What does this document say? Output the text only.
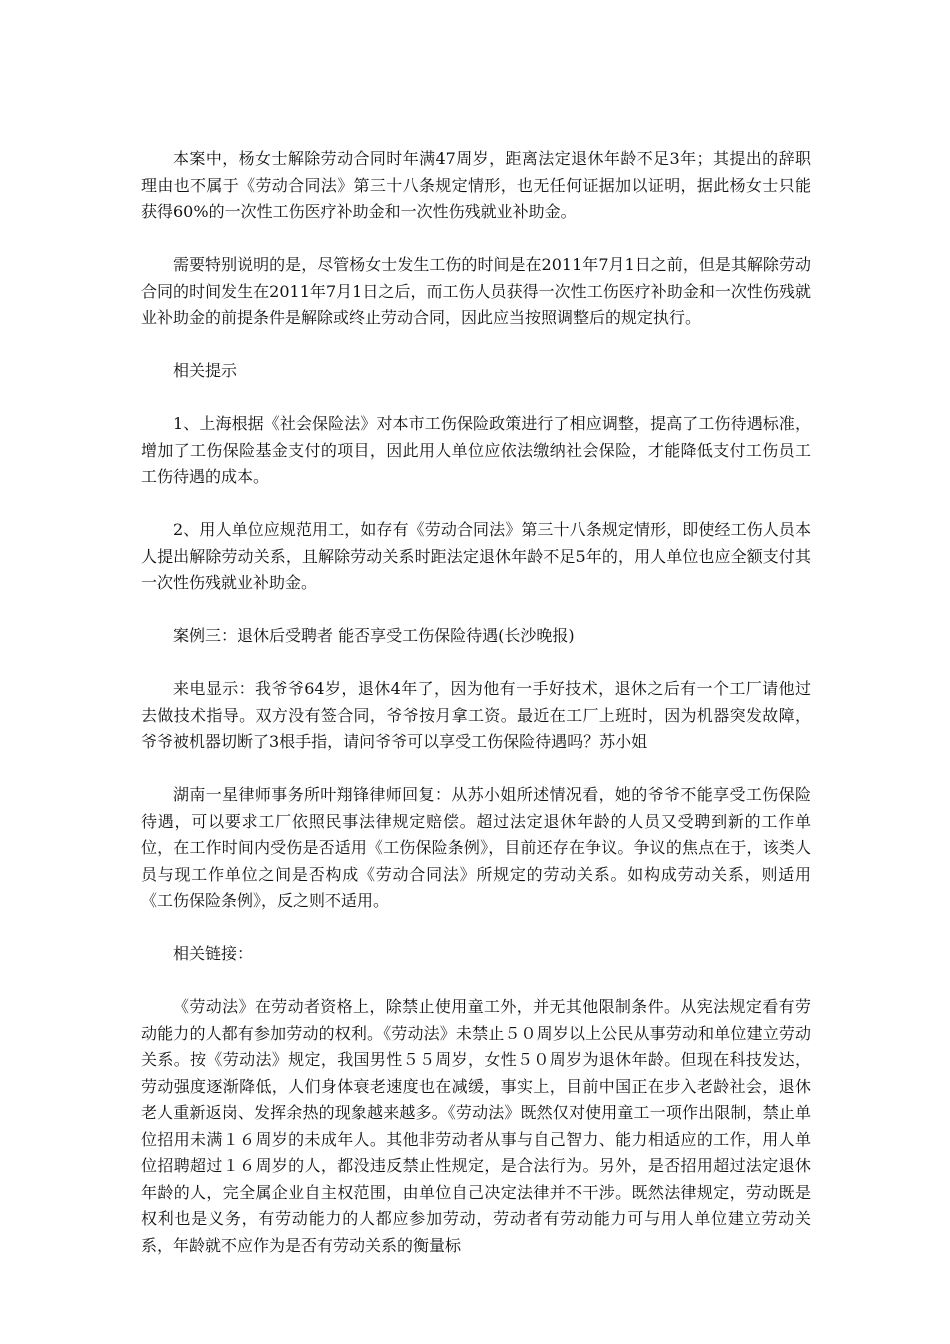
本案中，杨女士解除劳动合同时年满47周岁，距离法定退休年龄不足3年；其提出的辞职理由也不属于《劳动合同法》第三十八条规定情形，也无任何证据加以证明，据此杨女士只能获得60%的一次性工伤医疗补助金和一次性伤残就业补助金。

需要特别说明的是，尽管杨女士发生工伤的时间是在2011年7月1日之前，但是其解除劳动合同的时间发生在2011年7月1日之后，而工伤人员获得一次性工伤医疗补助金和一次性伤残就业补助金的前提条件是解除或终止劳动合同，因此应当按照调整后的规定执行。

相关提示

1、上海根据《社会保险法》对本市工伤保险政策进行了相应调整，提高了工伤待遇标准，增加了工伤保险基金支付的项目，因此用人单位应依法缴纳社会保险，才能降低支付工伤员工工伤待遇的成本。

2、用人单位应规范用工，如存有《劳动合同法》第三十八条规定情形，即使经工伤人员本人提出解除劳动关系，且解除劳动关系时距法定退休年龄不足5年的，用人单位也应全额支付其一次性伤残就业补助金。

案例三：退休后受聘者 能否享受工伤保险待遇(长沙晚报)

来电显示：我爷爷64岁，退休4年了，因为他有一手好技术，退休之后有一个工厂请他过去做技术指导。双方没有签合同，爷爷按月拿工资。最近在工厂上班时，因为机器突发故障，爷爷被机器切断了3根手指，请问爷爷可以享受工伤保险待遇吗？苏小姐

湖南一星律师事务所叶翔锋律师回复：从苏小姐所述情况看，她的爷爷不能享受工伤保险待遇，可以要求工厂依照民事法律规定赔偿。超过法定退休年龄的人员又受聘到新的工作单位，在工作时间内受伤是否适用《工伤保险条例》，目前还存在争议。争议的焦点在于，该类人员与现工作单位之间是否构成《劳动合同法》所规定的劳动关系。如构成劳动关系，则适用《工伤保险条例》，反之则不适用。

相关链接：

《劳动法》在劳动者资格上，除禁止使用童工外，并无其他限制条件。从宪法规定看有劳动能力的人都有参加劳动的权利。《劳动法》未禁止５０周岁以上公民从事劳动和单位建立劳动关系。按《劳动法》规定，我国男性５５周岁，女性５０周岁为退休年龄。但现在科技发达，劳动强度逐渐降低，人们身体衰老速度也在减缓，事实上，目前中国正在步入老龄社会，退休老人重新返岗、发挥余热的现象越来越多。《劳动法》既然仅对使用童工一项作出限制，禁止单位招用未满１６周岁的未成年人。其他非劳动者从事与自己智力、能力相适应的工作，用人单位招聘超过１６周岁的人，都没违反禁止性规定，是合法行为。另外，是否招用超过法定退休年龄的人，完全属企业自主权范围，由单位自己决定法律并不干涉。既然法律规定，劳动既是权利也是义务，有劳动能力的人都应参加劳动，劳动者有劳动能力可与用人单位建立劳动关系，年龄就不应作为是否有劳动关系的衡量标
